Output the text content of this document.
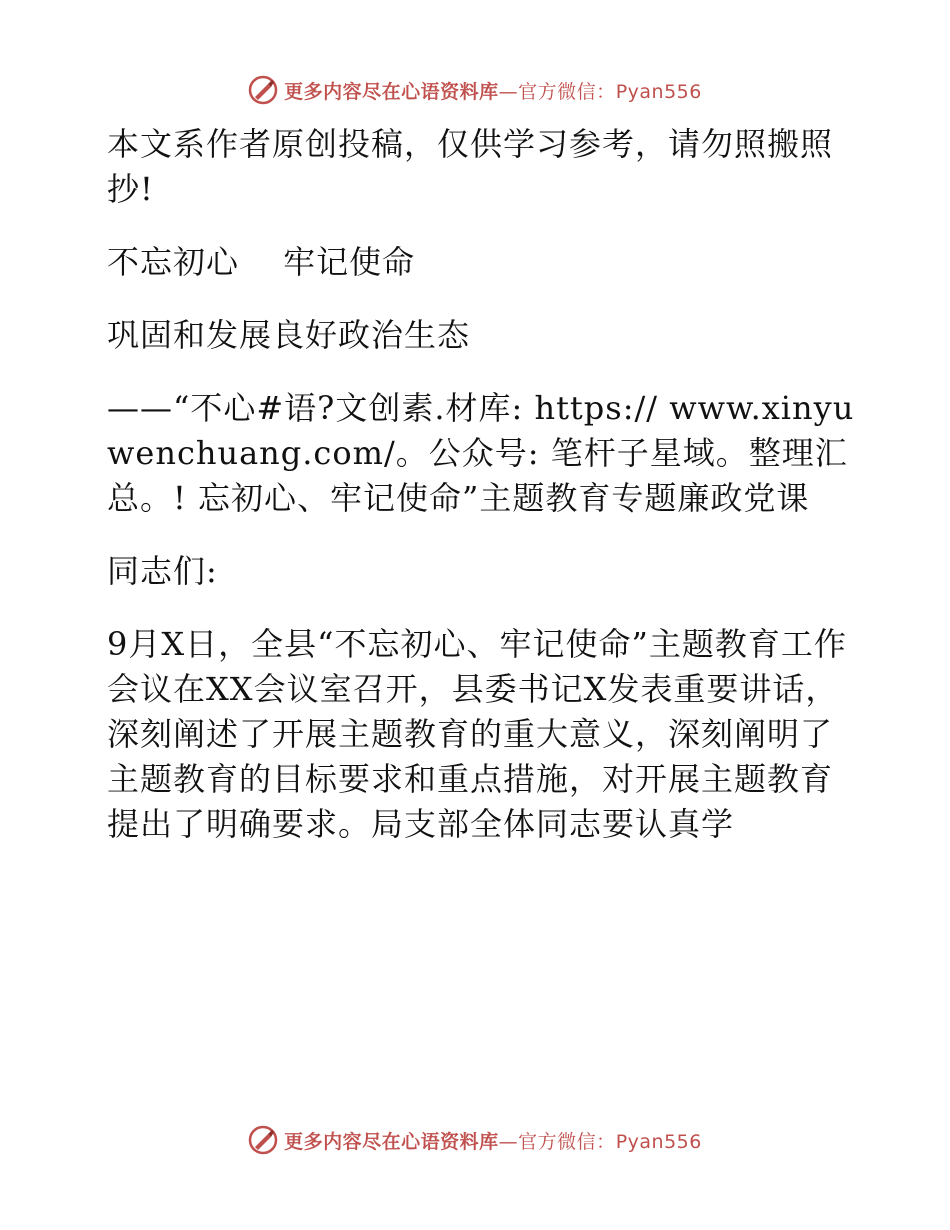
更多内容尽在心语资料库—官方微信：Pyan556

本文系作者原创投稿，仅供学习参考，请勿照搬照抄!

不忘初心　 牢记使命

巩固和发展良好政治生态

——“不心#语?文创素.材库: https:// www.xinyuwenchuang.com/。公众号: 笔杆子星域。整理汇总。! 忘初心、牢记使命”主题教育专题廉政党课

同志们:

9月X日，全县“不忘初心、牢记使命”主题教育工作会议在XX会议室召开，县委书记X发表重要讲话，深刻阐述了开展主题教育的重大意义，深刻阐明了主题教育的目标要求和重点措施，对开展主题教育提出了明确要求。局支部全体同志要认真学

更多内容尽在心语资料库—官方微信：Pyan556
